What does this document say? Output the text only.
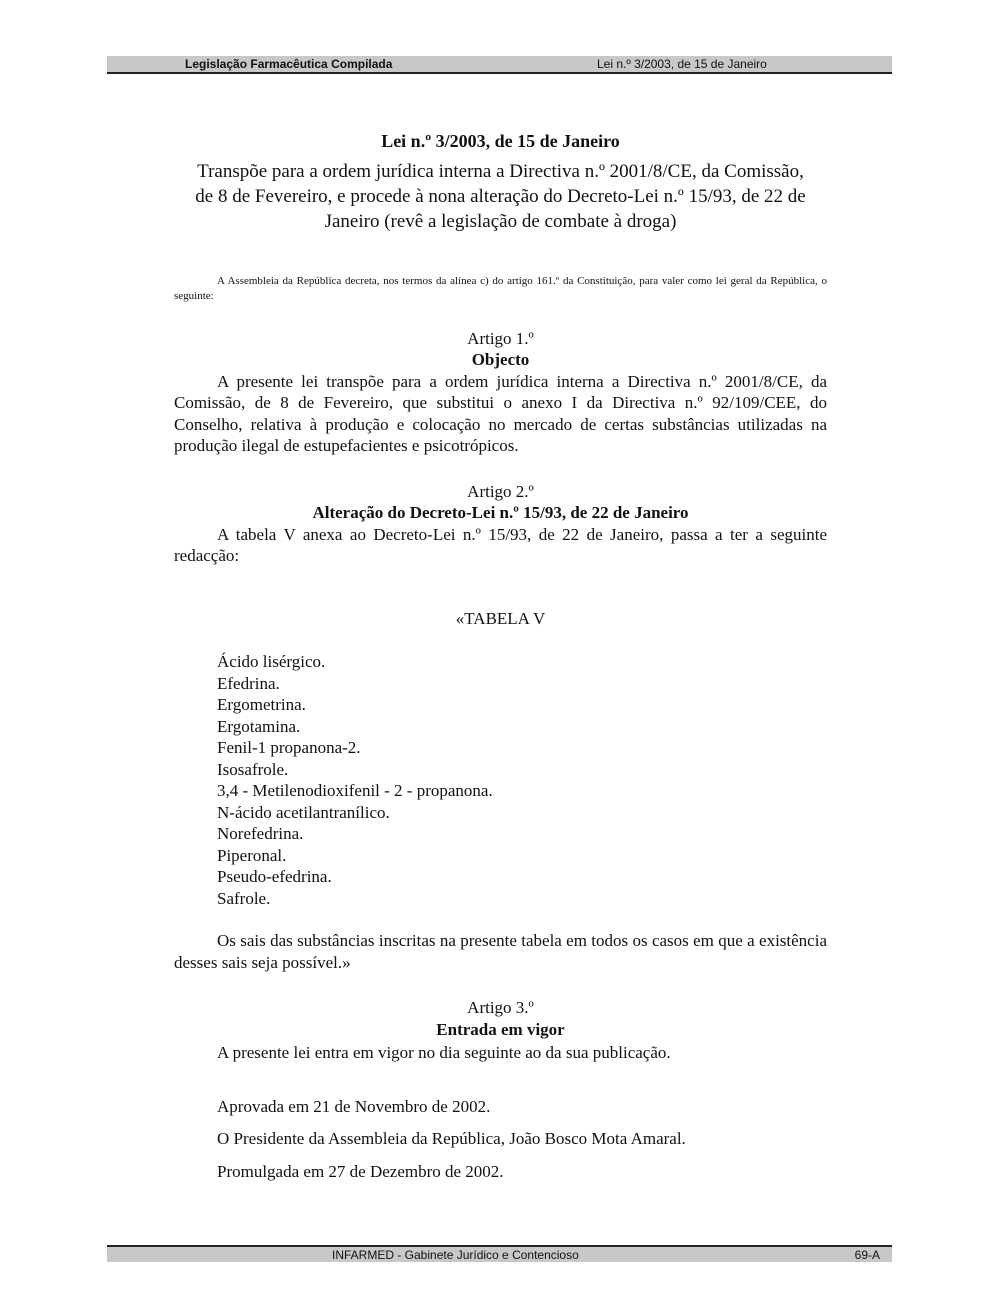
Legislação Farmacêutica Compilada	Lei n.º 3/2003, de 15 de Janeiro
Lei n.º 3/2003, de 15 de Janeiro
Transpõe para a ordem jurídica interna a Directiva n.º 2001/8/CE, da Comissão, de 8 de Fevereiro, e procede à nona alteração do Decreto-Lei n.º 15/93, de 22 de Janeiro (revê a legislação de combate à droga)

A Assembleia da República decreta, nos termos da alínea c) do artigo 161.º da Constituição, para valer como lei geral da República, o seguinte:

Artigo 1.º
Objecto

A presente lei transpõe para a ordem jurídica interna a Directiva n.º 2001/8/CE, da Comissão, de 8 de Fevereiro, que substitui o anexo I da Directiva n.º 92/109/CEE, do Conselho, relativa à produção e colocação no mercado de certas substâncias utilizadas na produção ilegal de estupefacientes e psicotrópicos.

Artigo 2.º
Alteração do Decreto-Lei n.º 15/93, de 22 de Janeiro

A tabela V anexa ao Decreto-Lei n.º 15/93, de 22 de Janeiro, passa a ter a seguinte redacção:

«TABELA V
Ácido lisérgico.
Efedrina.
Ergometrina.
Ergotamina.
Fenil-1 propanona-2.
Isosafrole.
3,4 - Metilenodioxifenil - 2 - propanona.
N-ácido acetilantranílico.
Norefedrina.
Piperonal.
Pseudo-efedrina.
Safrole.

Os sais das substâncias inscritas na presente tabela em todos os casos em que a existência desses sais seja possível.»

Artigo 3.º
Entrada em vigor

A presente lei entra em vigor no dia seguinte ao da sua publicação.

Aprovada em 21 de Novembro de 2002.

O Presidente da Assembleia da República, João Bosco Mota Amaral.

Promulgada em 27 de Dezembro de 2002.

INFARMED - Gabinete Jurídico e Contencioso	69-A
